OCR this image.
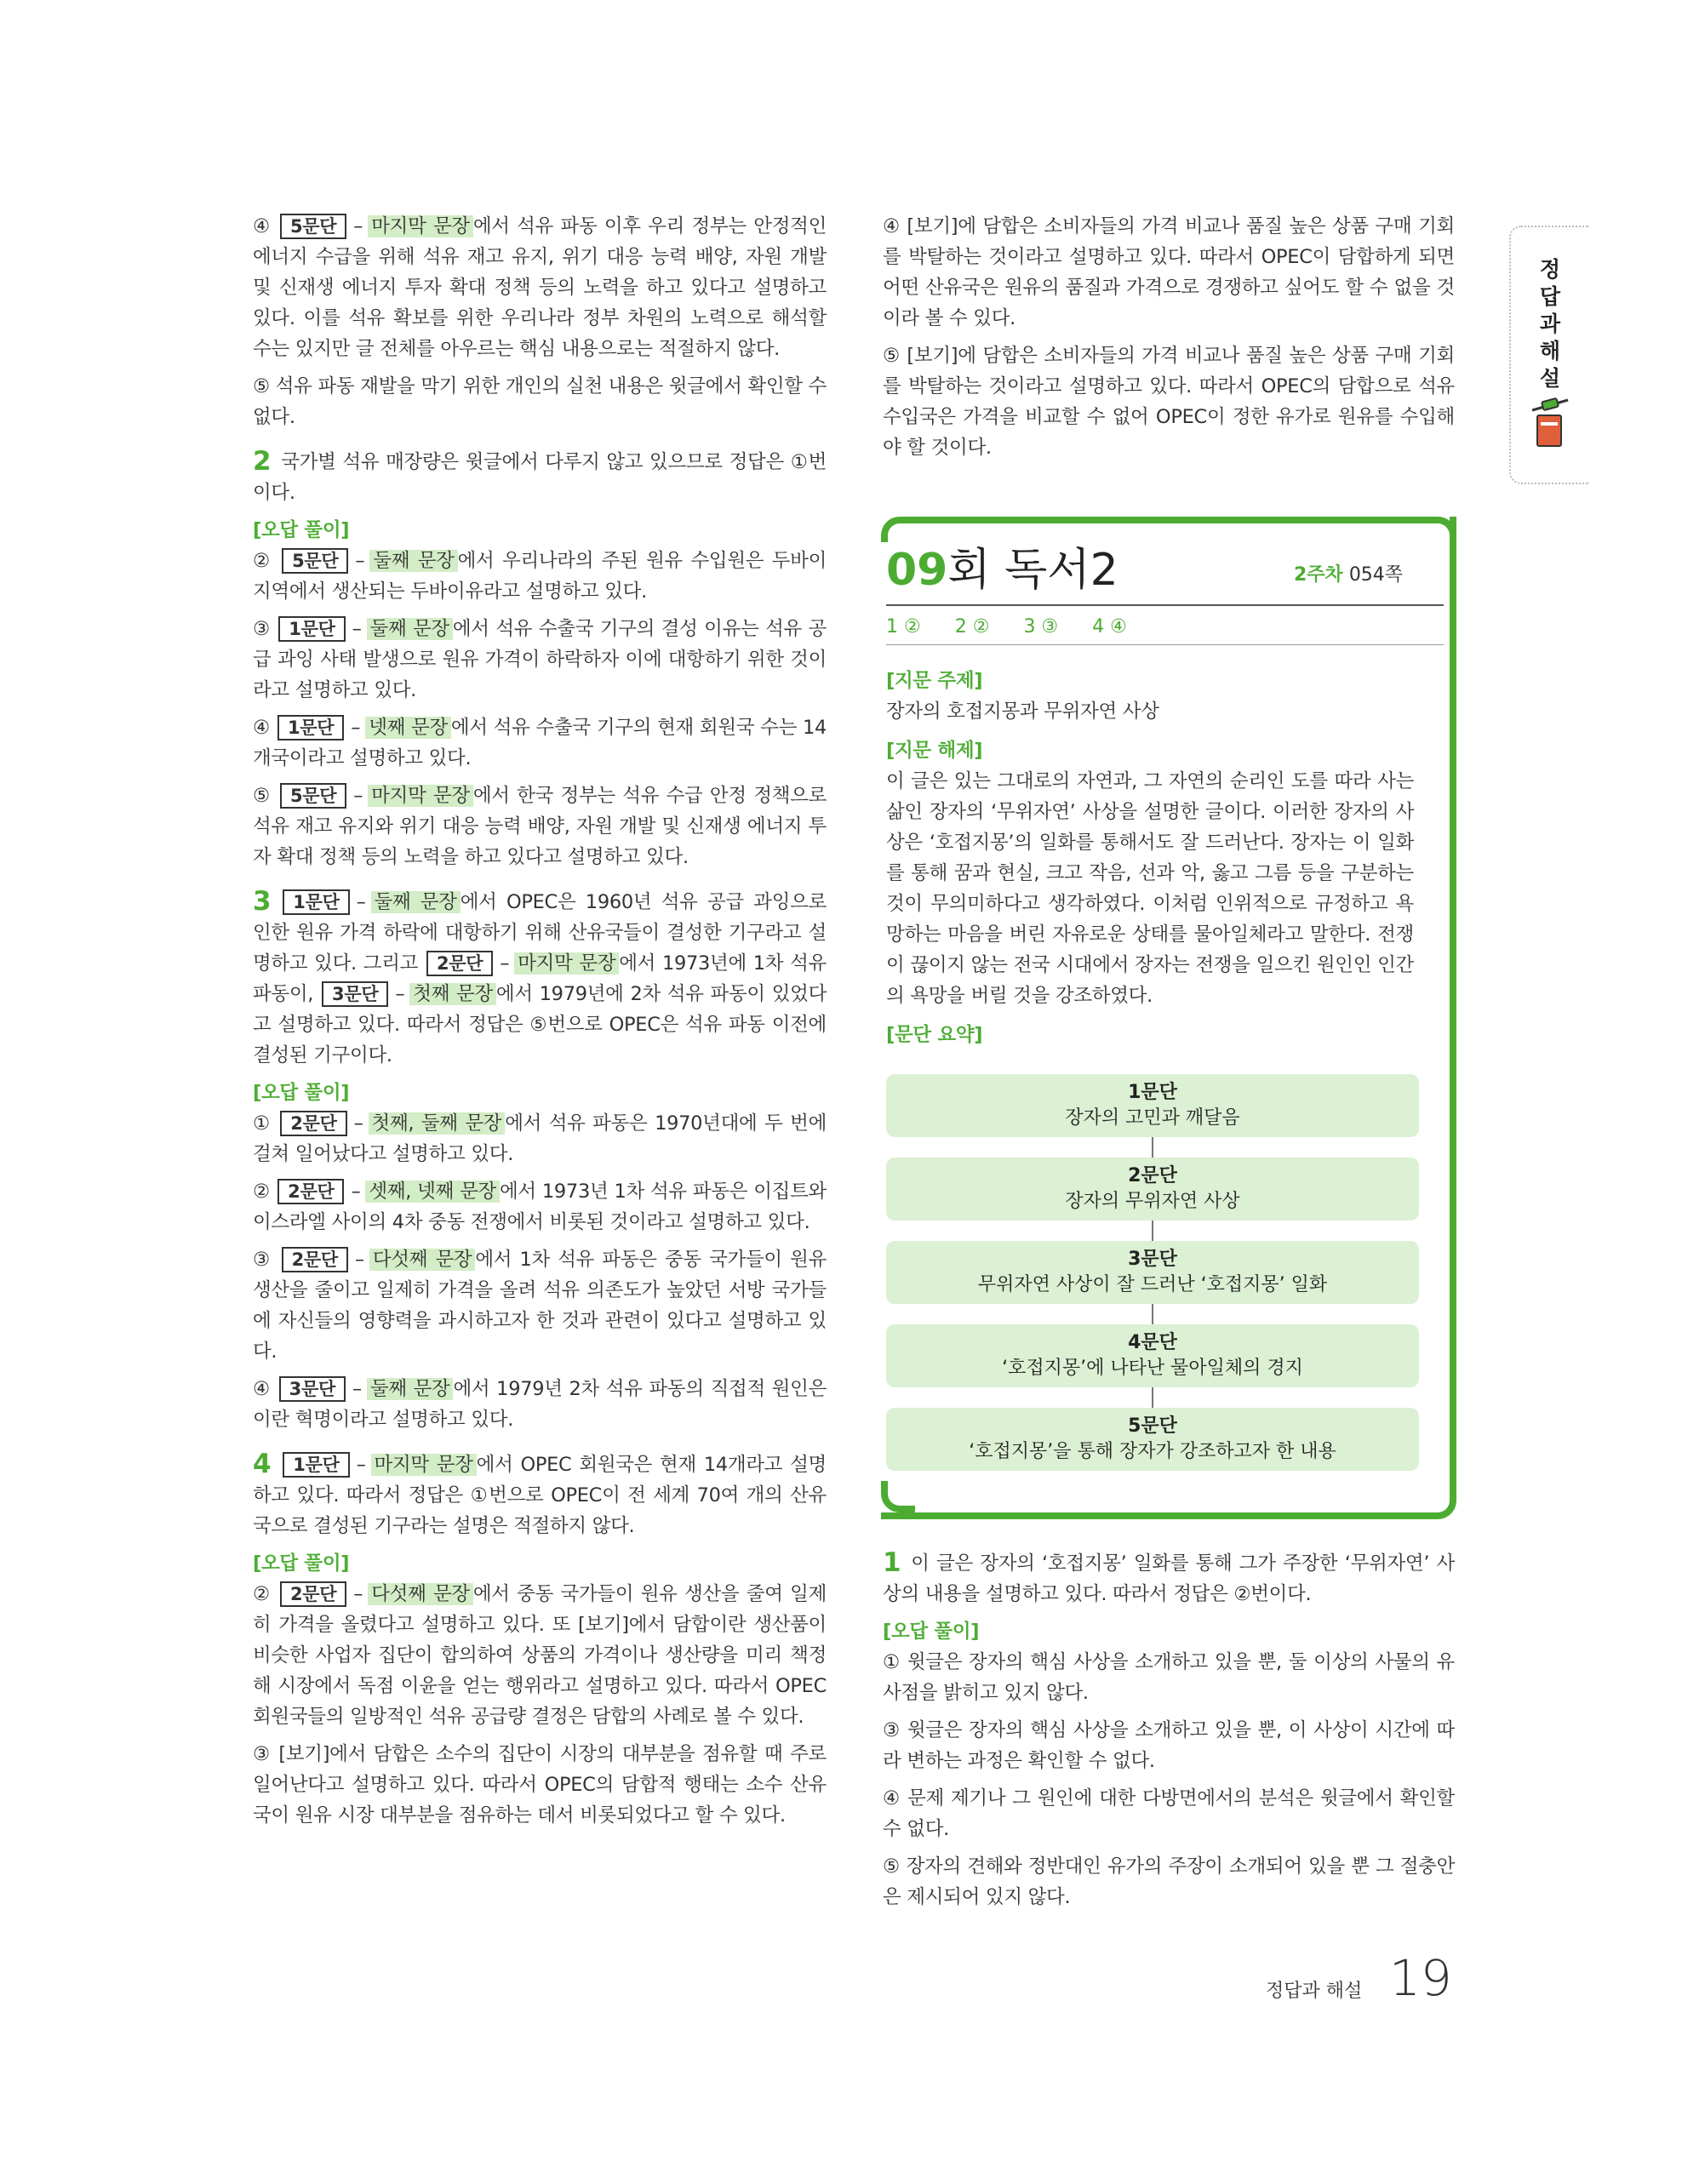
④ 5문단 – 마지막 문장 에서 석유 파동 이후 우리 정부는 안정적인 에너지 수급을 위해 석유 재고 유지, 위기 대응 능력 배양, 자원 개발 및 신재생 에너지 투자 확대 정책 등의 노력을 하고 있다고 설명하고 있다. 이를 석유 확보를 위한 우리나라 정부 차원의 노력으로 해석할 수는 있지만 글 전체를 아우르는 핵심 내용으로는 적절하지 않다.

⑤ 석유 파동 재발을 막기 위한 개인의 실천 내용은 윗글에서 확인할 수 없다.

2 국가별 석유 매장량은 윗글에서 다루지 않고 있으므로 정답은 ①번이다.

[오답 풀이]

② 5문단 – 둘째 문장 에서 우리나라의 주된 원유 수입원은 두바이 지역에서 생산되는 두바이유라고 설명하고 있다.

③ 1문단 – 둘째 문장 에서 석유 수출국 기구의 결성 이유는 석유 공급 과잉 사태 발생으로 원유 가격이 하락하자 이에 대항하기 위한 것이라고 설명하고 있다.

④ 1문단 – 넷째 문장 에서 석유 수출국 기구의 현재 회원국 수는 14개국이라고 설명하고 있다.

⑤ 5문단 – 마지막 문장 에서 한국 정부는 석유 수급 안정 정책으로 석유 재고 유지와 위기 대응 능력 배양, 자원 개발 및 신재생 에너지 투자 확대 정책 등의 노력을 하고 있다고 설명하고 있다.

3 1문단 – 둘째 문장 에서 OPEC은 1960년 석유 공급 과잉으로 인한 원유 가격 하락에 대항하기 위해 산유국들이 결성한 기구라고 설명하고 있다. 그리고 2문단 – 마지막 문장 에서 1973년에 1차 석유 파동이, 3문단 – 첫째 문장 에서 1979년에 2차 석유 파동이 있었다고 설명하고 있다. 따라서 정답은 ⑤번으로 OPEC은 석유 파동 이전에 결성된 기구이다.

[오답 풀이]

① 2문단 – 첫째, 둘째 문장 에서 석유 파동은 1970년대에 두 번에 걸쳐 일어났다고 설명하고 있다.

② 2문단 – 셋째, 넷째 문장 에서 1973년 1차 석유 파동은 이집트와 이스라엘 사이의 4차 중동 전쟁에서 비롯된 것이라고 설명하고 있다.

③ 2문단 – 다섯째 문장 에서 1차 석유 파동은 중동 국가들이 원유 생산을 줄이고 일제히 가격을 올려 석유 의존도가 높았던 서방 국가들에 자신들의 영향력을 과시하고자 한 것과 관련이 있다고 설명하고 있다.

④ 3문단 – 둘째 문장 에서 1979년 2차 석유 파동의 직접적 원인은 이란 혁명이라고 설명하고 있다.

4 1문단 – 마지막 문장 에서 OPEC 회원국은 현재 14개라고 설명하고 있다. 따라서 정답은 ①번으로 OPEC이 전 세계 70여 개의 산유국으로 결성된 기구라는 설명은 적절하지 않다.

[오답 풀이]

② 2문단 – 다섯째 문장 에서 중동 국가들이 원유 생산을 줄여 일제히 가격을 올렸다고 설명하고 있다. 또 [보기]에서 담합이란 생산품이 비슷한 사업자 집단이 합의하여 상품의 가격이나 생산량을 미리 책정해 시장에서 독점 이윤을 얻는 행위라고 설명하고 있다. 따라서 OPEC 회원국들의 일방적인 석유 공급량 결정은 담합의 사례로 볼 수 있다.

③ [보기]에서 담합은 소수의 집단이 시장의 대부분을 점유할 때 주로 일어난다고 설명하고 있다. 따라서 OPEC의 담합적 행태는 소수 산유국이 원유 시장 대부분을 점유하는 데서 비롯되었다고 할 수 있다.

④ [보기]에 담합은 소비자들의 가격 비교나 품질 높은 상품 구매 기회를 박탈하는 것이라고 설명하고 있다. 따라서 OPEC이 담합하게 되면 어떤 산유국은 원유의 품질과 가격으로 경쟁하고 싶어도 할 수 없을 것이라 볼 수 있다.

⑤ [보기]에 담합은 소비자들의 가격 비교나 품질 높은 상품 구매 기회를 박탈하는 것이라고 설명하고 있다. 따라서 OPEC의 담합으로 석유 수입국은 가격을 비교할 수 없어 OPEC이 정한 유가로 원유를 수입해야 할 것이다.

정
답
과
해
설
09회 독서2	2주차 054쪽
1 ② 2 ② 3 ③ 4 ④
[지문 주제]

장자의 호접지몽과 무위자연 사상

[지문 해제]

이 글은 있는 그대로의 자연과, 그 자연의 순리인 도를 따라 사는 삶인 장자의 ‘무위자연’ 사상을 설명한 글이다. 이러한 장자의 사상은 ‘호접지몽’의 일화를 통해서도 잘 드러난다. 장자는 이 일화를 통해 꿈과 현실, 크고 작음, 선과 악, 옳고 그름 등을 구분하는 것이 무의미하다고 생각하였다. 이처럼 인위적으로 규정하고 욕망하는 마음을 버린 자유로운 상태를 물아일체라고 말한다. 전쟁이 끊이지 않는 전국 시대에서 장자는 전쟁을 일으킨 원인인 인간의 욕망을 버릴 것을 강조하였다.

[문단 요약]
1문단
장자의 고민과 깨달음
2문단
장자의 무위자연 사상
3문단
무위자연 사상이 잘 드러난 ‘호접지몽’ 일화
4문단
‘호접지몽’에 나타난 물아일체의 경지
5문단
‘호접지몽’을 통해 장자가 강조하고자 한 내용

1 이 글은 장자의 ‘호접지몽’ 일화를 통해 그가 주장한 ‘무위자연’ 사상의 내용을 설명하고 있다. 따라서 정답은 ②번이다.

[오답 풀이]

① 윗글은 장자의 핵심 사상을 소개하고 있을 뿐, 둘 이상의 사물의 유사점을 밝히고 있지 않다.

③ 윗글은 장자의 핵심 사상을 소개하고 있을 뿐, 이 사상이 시간에 따라 변하는 과정은 확인할 수 없다.

④ 문제 제기나 그 원인에 대한 다방면에서의 분석은 윗글에서 확인할 수 없다.

⑤ 장자의 견해와 정반대인 유가의 주장이 소개되어 있을 뿐 그 절충안은 제시되어 있지 않다.

정답과 해설 19
